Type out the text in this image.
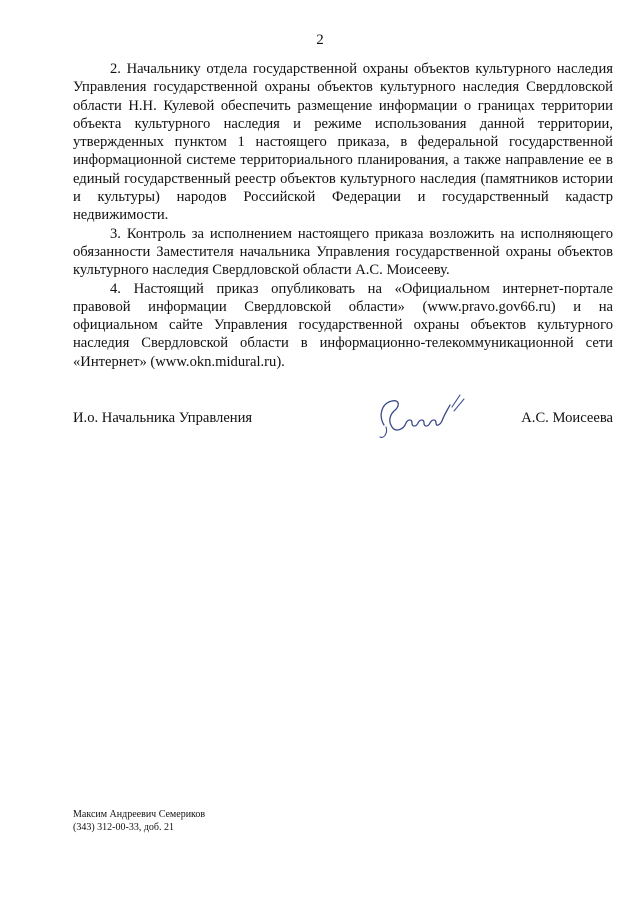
2

2. Начальнику отдела государственной охраны объектов культурного наследия Управления государственной охраны объектов культурного наследия Свердловской области Н.Н. Кулевой обеспечить размещение информации о границах территории объекта культурного наследия и режиме использования данной территории, утвержденных пунктом 1 настоящего приказа, в федеральной государственной информационной системе территориального планирования, а также направление ее в единый государственный реестр объектов культурного наследия (памятников истории и культуры) народов Российской Федерации и государственный кадастр недвижимости.

3. Контроль за исполнением настоящего приказа возложить на исполняющего обязанности Заместителя начальника Управления государственной охраны объектов культурного наследия Свердловской области А.С. Моисееву.

4. Настоящий приказ опубликовать на «Официальном интернет-портале правовой информации Свердловской области» (www.pravo.gov66.ru) и на официальном сайте Управления государственной охраны объектов культурного наследия Свердловской области в информационно-телекоммуникационной сети «Интернет» (www.okn.midural.ru).

И.о. Начальника Управления	А.С. Моисеева
Максим Андреевич Семериков
(343) 312-00-33, доб. 21
